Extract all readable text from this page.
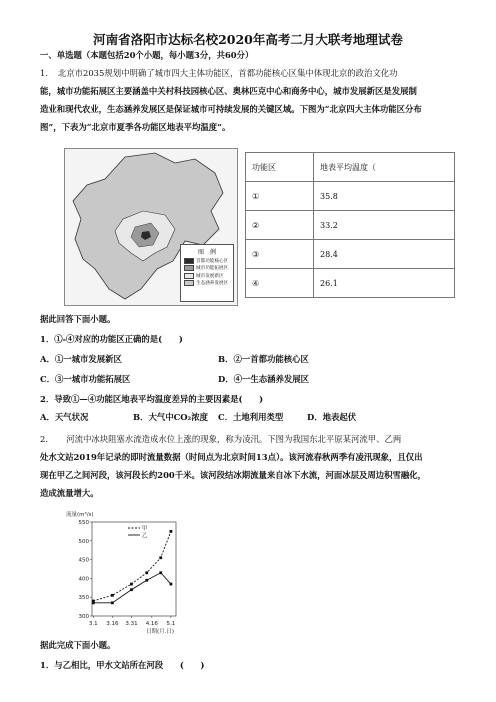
河南省洛阳市达标名校2020年高考二月大联考地理试卷
一、单选题（本题包括20个小题，每小题3分，共60分）
1．　北京市2035规划中明确了城市四大主体功能区，首都功能核心区集中体现北京的政治文化功
能，城市功能拓展区主要涵盖中关村科技园核心区、奥林匹克中心和商务中心，城市发展新区是发展制
造业和现代农业，生态涵养发展区是保证城市可持续发展的关键区域。下图为“北京四大主体功能区分布
图”，下表为“北京市夏季各功能区地表平均温度”。
图　例
首都功能核心区
城市功能拓展区
城市发展新区
生态涵养发展区
功能区	地表平均温度（
①	35.8
②	33.2
③	28.4
④	26.1
据此回答下面小题。
1．①-④对应的功能区正确的是(　　)
A．①一城市发展新区	B．②一首都功能核心区
C．③一城市功能拓展区	D．④一生态涵养发展区
2．导致①—④功能区地表平均温度差异的主要因素是(　　)
A．天气状况	B．大气中CO₂浓度	C．土地利用类型	D．地表起伏
2．　　河流中冰块阻塞水流造成水位上涨的现象，称为凌汛。下图为我国东北平原某河流甲、乙两
处水文站2019年记录的即时流量数据（时间点为北京时间13点）。该河流春秋两季有凌汛现象，且仅出
现在甲乙之间河段，该河段长约200千米。该河段结冰期流量来自冰下水流，河面冰层及周边积雪融化，
造成流量增大。
300
350
400
450
500
550
3.1 3.16 3.31 4.16 5.1
流量(m³/s)
日期(月.日)
甲
乙
据此完成下面小题。
1．与乙相比，甲水文站所在河段　　(　　)
